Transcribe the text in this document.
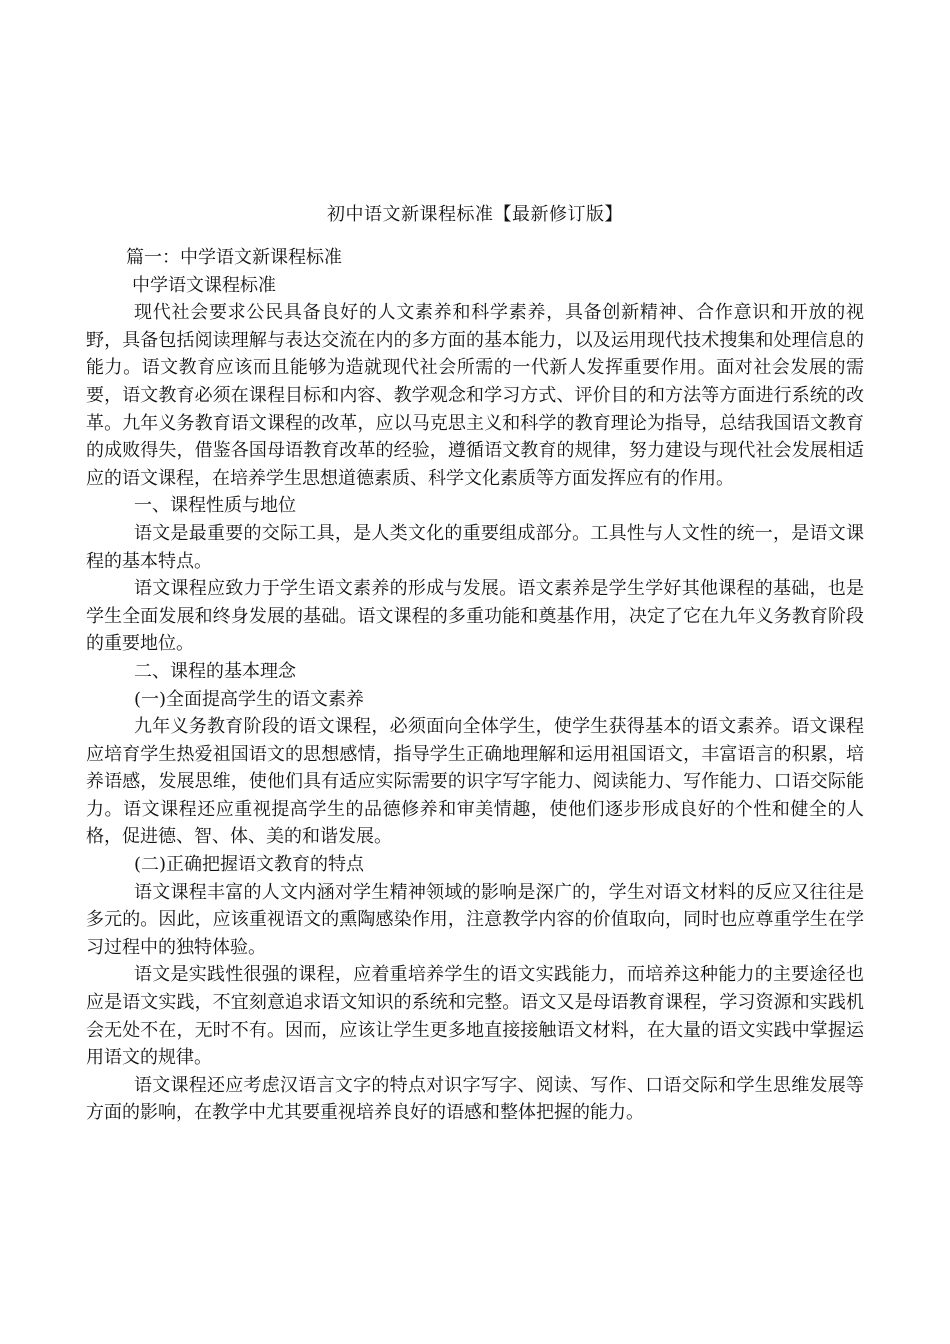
初中语文新课程标准【最新修订版】

篇一：中学语文新课程标准

中学语文课程标准

现代社会要求公民具备良好的人文素养和科学素养，具备创新精神、合作意识和开放的视野，具备包括阅读理解与表达交流在内的多方面的基本能力，以及运用现代技术搜集和处理信息的能力。语文教育应该而且能够为造就现代社会所需的一代新人发挥重要作用。面对社会发展的需要，语文教育必须在课程目标和内容、教学观念和学习方式、评价目的和方法等方面进行系统的改革。九年义务教育语文课程的改革，应以马克思主义和科学的教育理论为指导，总结我国语文教育的成败得失，借鉴各国母语教育改革的经验，遵循语文教育的规律，努力建设与现代社会发展相适应的语文课程，在培养学生思想道德素质、科学文化素质等方面发挥应有的作用。

一、课程性质与地位

语文是最重要的交际工具，是人类文化的重要组成部分。工具性与人文性的统一，是语文课程的基本特点。

语文课程应致力于学生语文素养的形成与发展。语文素养是学生学好其他课程的基础，也是学生全面发展和终身发展的基础。语文课程的多重功能和奠基作用，决定了它在九年义务教育阶段的重要地位。

二、课程的基本理念

(一)全面提高学生的语文素养

九年义务教育阶段的语文课程，必须面向全体学生，使学生获得基本的语文素养。语文课程应培育学生热爱祖国语文的思想感情，指导学生正确地理解和运用祖国语文，丰富语言的积累，培养语感，发展思维，使他们具有适应实际需要的识字写字能力、阅读能力、写作能力、口语交际能力。语文课程还应重视提高学生的品德修养和审美情趣，使他们逐步形成良好的个性和健全的人格，促进德、智、体、美的和谐发展。

(二)正确把握语文教育的特点

语文课程丰富的人文内涵对学生精神领域的影响是深广的，学生对语文材料的反应又往往是多元的。因此，应该重视语文的熏陶感染作用，注意教学内容的价值取向，同时也应尊重学生在学习过程中的独特体验。

语文是实践性很强的课程，应着重培养学生的语文实践能力，而培养这种能力的主要途径也应是语文实践，不宜刻意追求语文知识的系统和完整。语文又是母语教育课程，学习资源和实践机会无处不在，无时不有。因而，应该让学生更多地直接接触语文材料，在大量的语文实践中掌握运用语文的规律。

语文课程还应考虑汉语言文字的特点对识字写字、阅读、写作、口语交际和学生思维发展等方面的影响，在教学中尤其要重视培养良好的语感和整体把握的能力。
